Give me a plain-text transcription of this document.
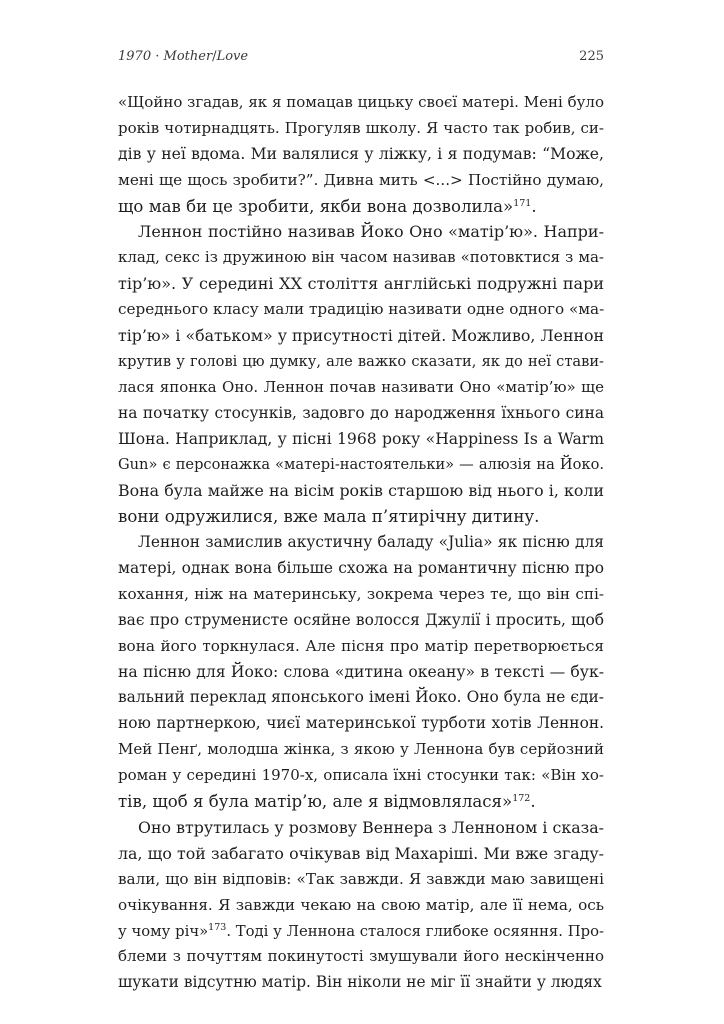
1970 · Mother/Love	225
«Щойно згадав, як я помацав цицьку своєї матері. Мені було
років чотирнадцять. Прогуляв школу. Я часто так робив, си-
дів у неї вдома. Ми валялися у ліжку, і я подумав: “Може,
мені ще щось зробити?”. Дивна мить <...> Постійно думаю,
що мав би це зробити, якби вона дозволила»$^{171}$.
Леннон постійно називав Йоко Оно «матір’ю». Напри-
клад, секс із дружиною він часом називав «потовктися з ма-
тір’ю». У середині XX століття англійські подружні пари
середнього класу мали традицію називати одне одного «ма-
тір’ю» і «батьком» у присутності дітей. Можливо, Леннон
крутив у голові цю думку, але важко сказати, як до неї стави-
лася японка Оно. Леннон почав називати Оно «матір’ю» ще
на початку стосунків, задовго до народження їхнього сина
Шона. Наприклад, у пісні 1968 року «Happiness Is a Warm
Gun» є персонажка «матері-настоятельки» — алюзія на Йоко.
Вона була майже на вісім років старшою від нього і, коли
вони одружилися, вже мала п’ятирічну дитину.
Леннон замислив акустичну баладу «Julia» як пісню для
матері, однак вона більше схожа на романтичну пісню про
кохання, ніж на материнську, зокрема через те, що він спі-
ває про струменисте осяйне волосся Джулії і просить, щоб
вона його торкнулася. Але пісня про матір перетворюється
на пісню для Йоко: слова «дитина океану» в тексті — бук-
вальний переклад японського імені Йоко. Оно була не єди-
ною партнеркою, чиєї материнської турботи хотів Леннон.
Мей Пенґ, молодша жінка, з якою у Леннона був серйозний
роман у середині 1970-х, описала їхні стосунки так: «Він хо-
тів, щоб я була матір’ю, але я відмовлялася»$^{172}$.
Оно втрутилась у розмову Веннера з Ленноном і сказа-
ла, що той забагато очікував від Махаріші. Ми вже згаду-
вали, що він відповів: «Так завжди. Я завжди маю завищені
очікування. Я завжди чекаю на свою матір, але її нема, ось
у чому річ»$^{173}$. Тоді у Леннона сталося глибоке осяяння. Про-
блеми з почуттям покинутості змушували його нескінченно
шукати відсутню матір. Він ніколи не міг її знайти у людях
